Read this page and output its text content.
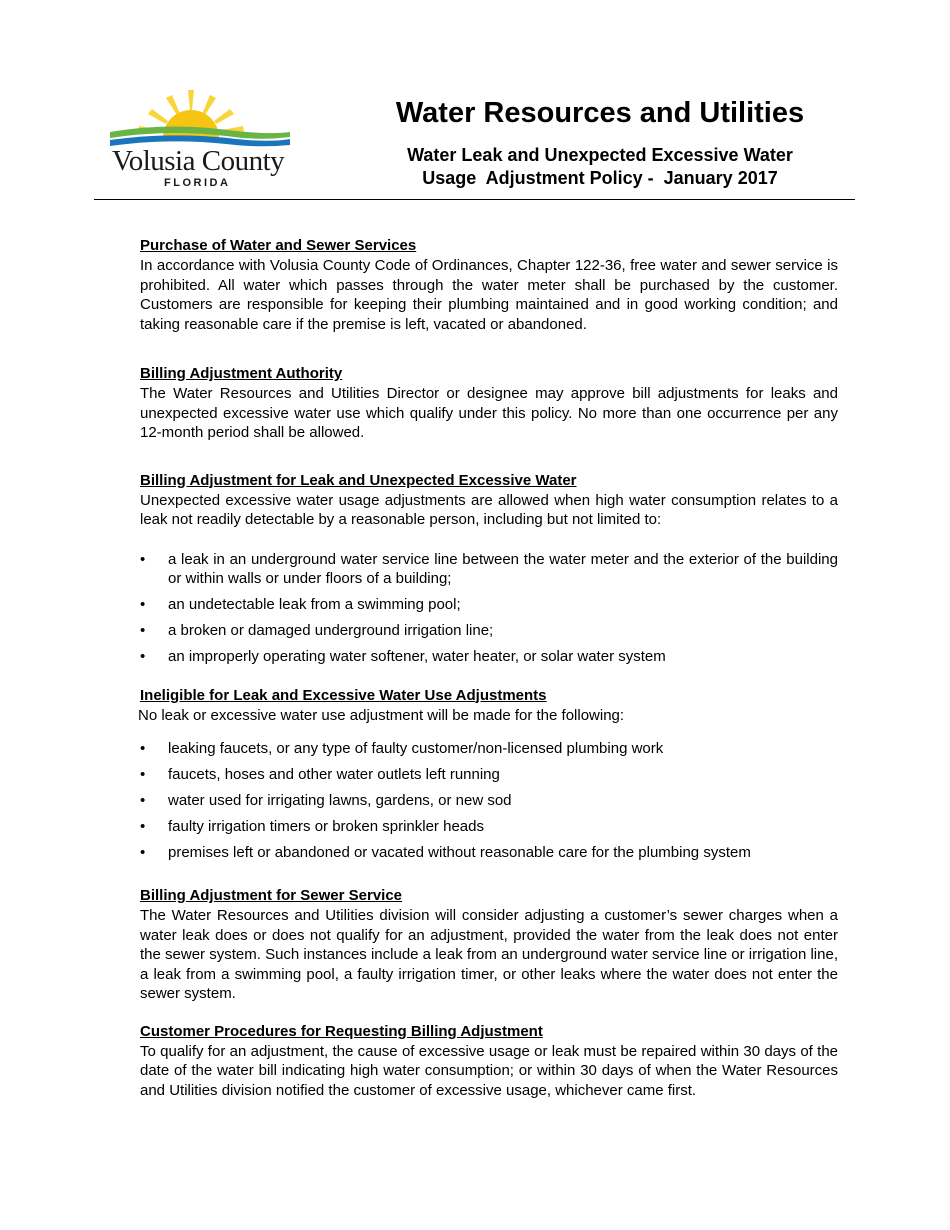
Volusia County
FLORIDA
Water Resources and Utilities
Water Leak and Unexpected Excessive Water
Usage  Adjustment Policy -  January 2017
Purchase of Water and Sewer Services

In accordance with Volusia County Code of Ordinances, Chapter 122-36, free water and sewer service is prohibited. All water which passes through the water meter shall be purchased by the customer. Customers are responsible for keeping their plumbing maintained and in good working condition; and taking reasonable care if the premise is left, vacated or abandoned.

Billing Adjustment Authority

The Water Resources and Utilities Director or designee may approve bill adjustments for leaks and unexpected excessive water use which qualify under this policy. No more than one occurrence per any 12-month period shall be allowed.

Billing Adjustment for Leak and Unexpected Excessive Water

Unexpected excessive water usage adjustments are allowed when high water consumption relates to a leak not readily detectable by a reasonable person, including but not limited to:

•	a leak in an underground water service line between the water meter and the exterior of the building or within walls or under floors of a building;
•	an undetectable leak from a swimming pool;
•	a broken or damaged underground irrigation line;
•	an improperly operating water softener, water heater, or solar water system
Ineligible for Leak and Excessive Water Use Adjustments

No leak or excessive water use adjustment will be made for the following:

•	leaking faucets, or any type of faulty customer/non-licensed plumbing work
•	faucets, hoses and other water outlets left running
•	water used for irrigating lawns, gardens, or new sod
•	faulty irrigation timers or broken sprinkler heads
•	premises left or abandoned or vacated without reasonable care for the plumbing system
Billing Adjustment for Sewer Service

The Water Resources and Utilities division will consider adjusting a customer’s sewer charges when a water leak does or does not qualify for an adjustment, provided the water from the leak does not enter the sewer system. Such instances include a leak from an underground water service line or irrigation line, a leak from a swimming pool, a faulty irrigation timer, or other leaks where the water does not enter the sewer system.

Customer Procedures for Requesting Billing Adjustment

To qualify for an adjustment, the cause of excessive usage or leak must be repaired within 30 days of the date of the water bill indicating high water consumption; or within 30 days of when the Water Resources and Utilities division notified the customer of excessive usage, whichever came first.
